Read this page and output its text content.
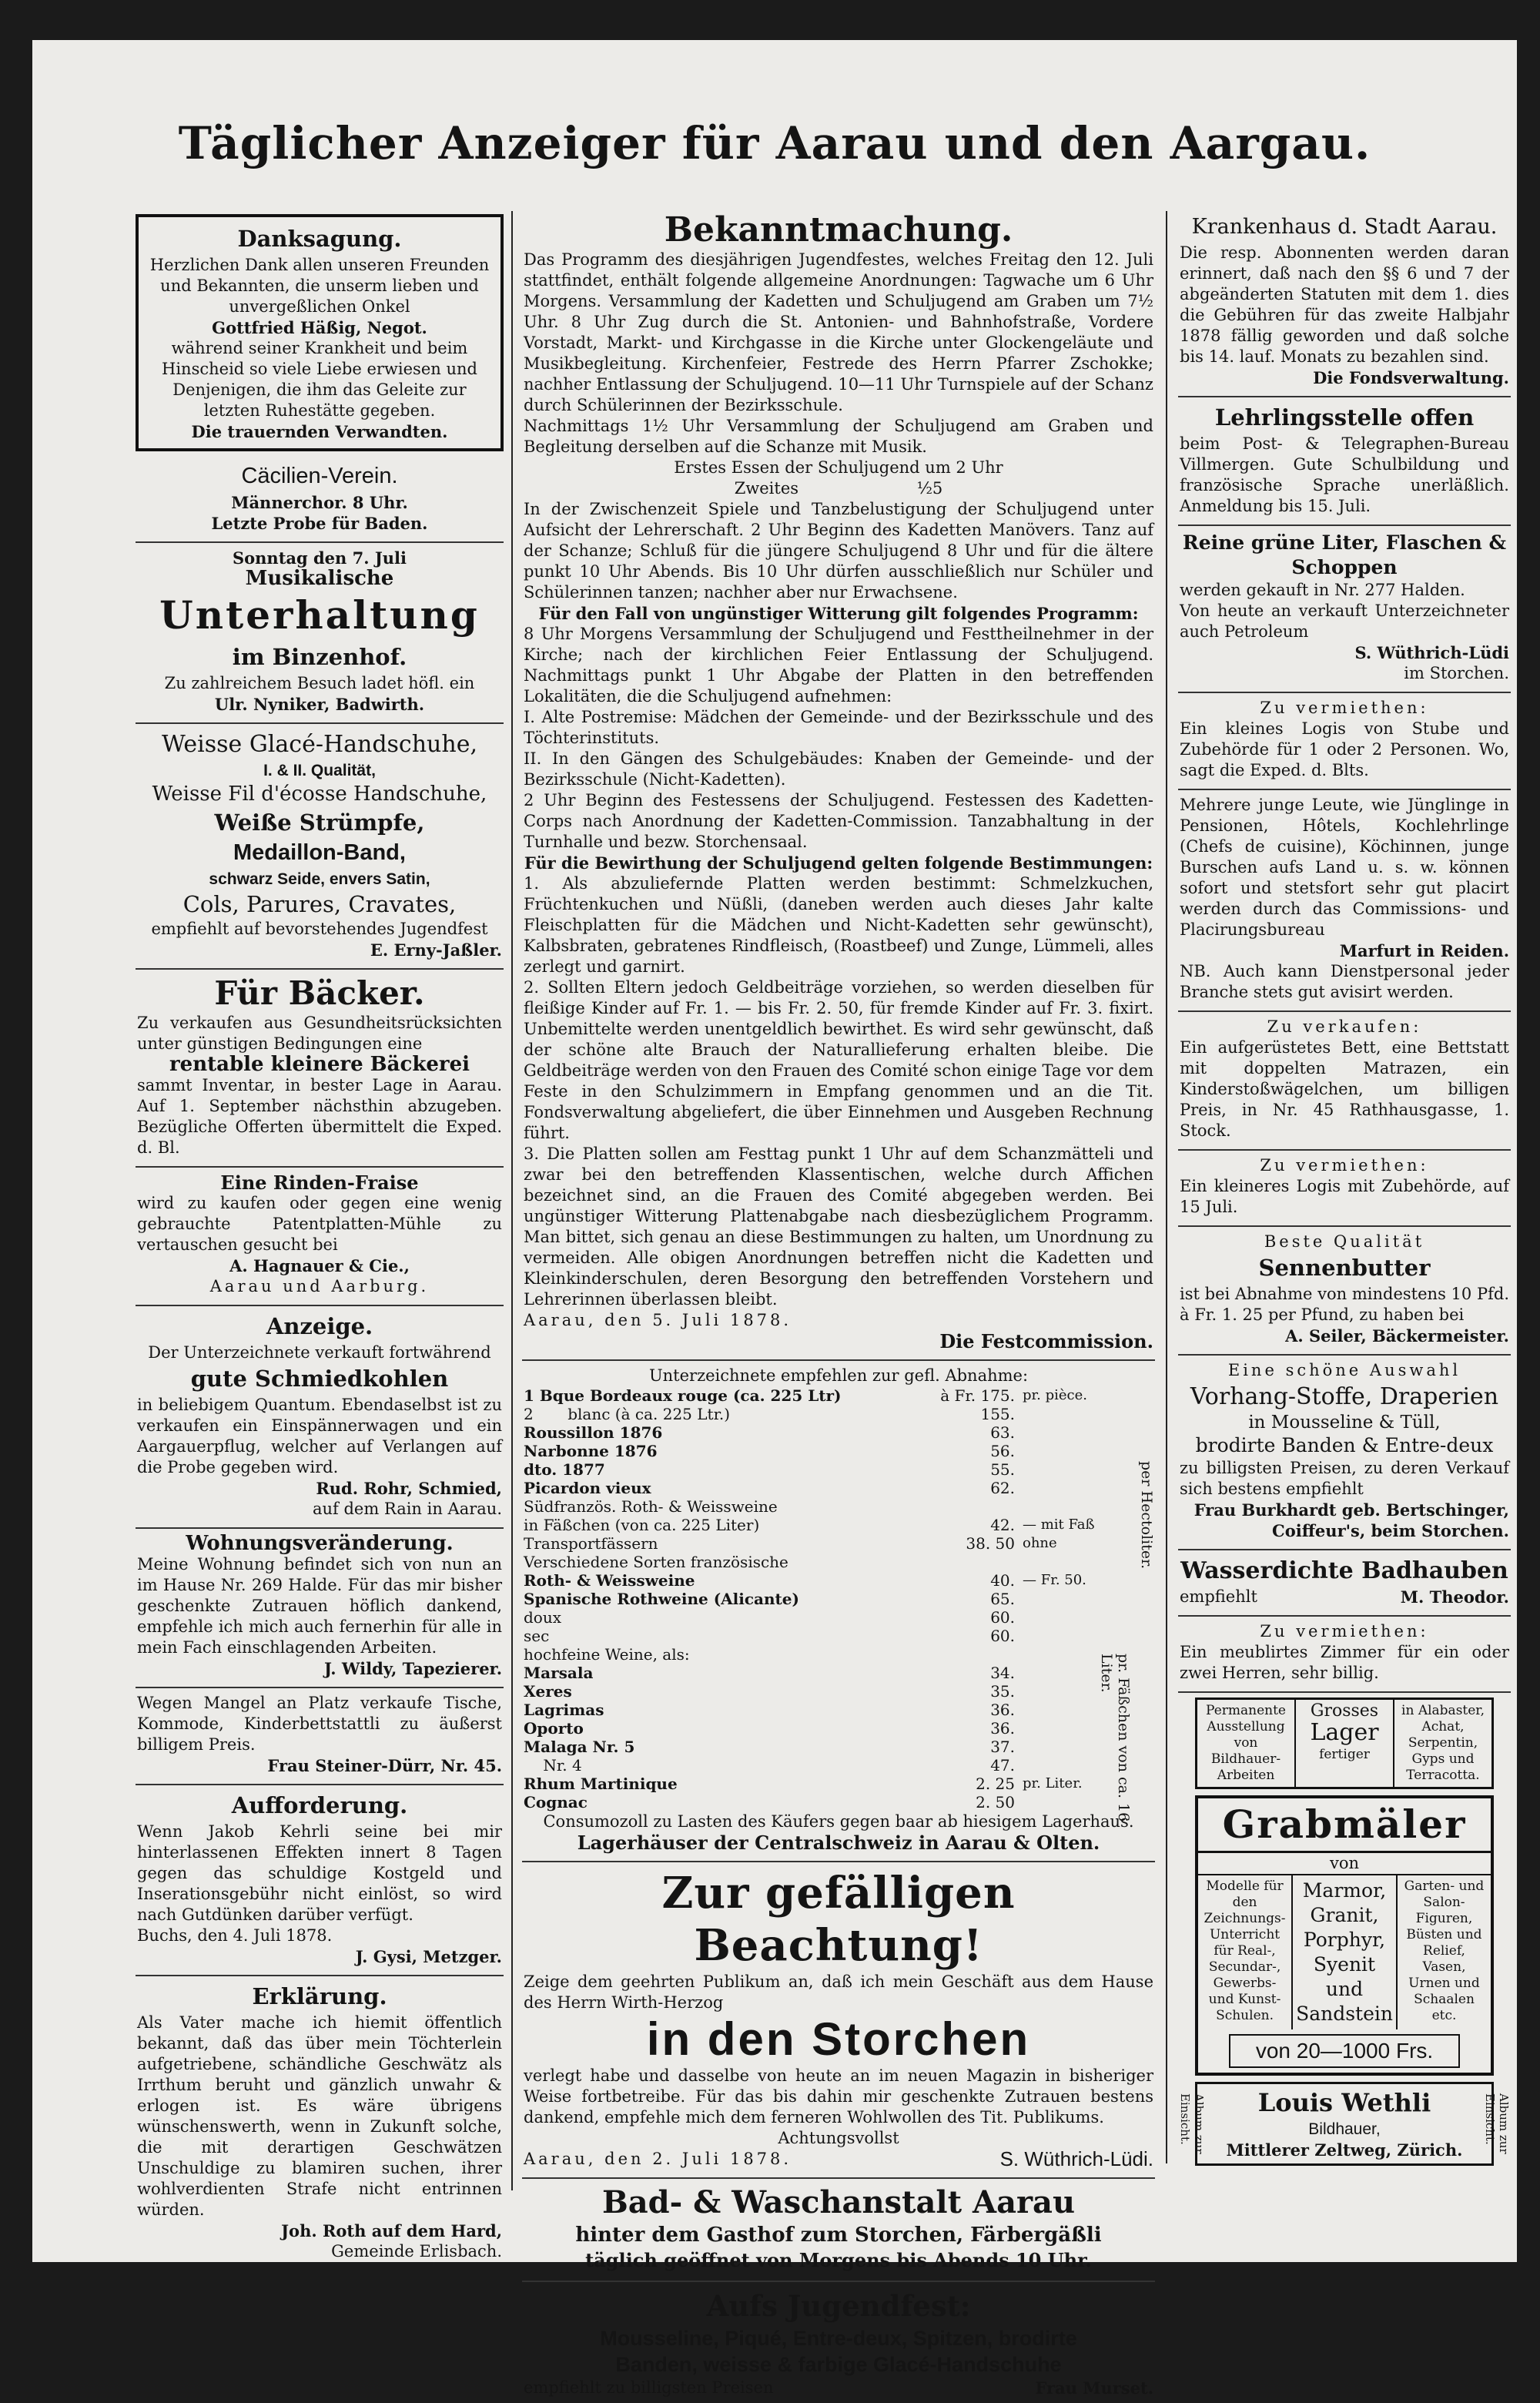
Täglicher Anzeiger für Aarau und den Aargau.

Danksagung.

Herzlichen Dank allen unseren Freunden und Bekannten, die unserm lieben und unvergeßlichen Onkel

Gottfried Häßig, Negot.

während seiner Krankheit und beim Hinscheid so viele Liebe erwiesen und Denjenigen, die ihm das Geleite zur letzten Ruhestätte gegeben.

Die trauernden Verwandten.

Cäcilien-Verein.

Männerchor. 8 Uhr.

Letzte Probe für Baden.

Sonntag den 7. Juli

Musikalische

Unterhaltung

im Binzenhof.

Zu zahlreichem Besuch ladet höfl. ein

Ulr. Nyniker, Badwirth.

Weisse Glacé-Handschuhe,

I. & II. Qualität,

Weisse Fil d'écosse Handschuhe,

Weiße Strümpfe,

Medaillon-Band,

schwarz Seide, envers Satin,

Cols, Parures, Cravates,

empfiehlt auf bevorstehendes Jugendfest

E. Erny-Jaßler.

Für Bäcker.

Zu verkaufen aus Gesundheitsrücksichten unter günstigen Bedingungen eine

rentable kleinere Bäckerei

sammt Inventar, in bester Lage in Aarau. Auf 1. September nächsthin abzugeben. Bezügliche Offerten übermittelt die Exped. d. Bl.

Eine Rinden-Fraise

wird zu kaufen oder gegen eine wenig gebrauchte Patentplatten-Mühle zu vertauschen gesucht bei

A. Hagnauer & Cie.,

Aarau und Aarburg.

Anzeige.

Der Unterzeichnete verkauft fortwährend

gute Schmiedkohlen

in beliebigem Quantum. Ebendaselbst ist zu verkaufen ein Einspännerwagen und ein Aargauerpflug, welcher auf Verlangen auf die Probe gegeben wird.

Rud. Rohr, Schmied,

auf dem Rain in Aarau.

Wohnungsveränderung.

Meine Wohnung befindet sich von nun an im Hause Nr. 269 Halde. Für das mir bisher geschenkte Zutrauen höflich dankend, empfehle ich mich auch fernerhin für alle in mein Fach einschlagenden Arbeiten.

J. Wildy, Tapezierer.

Wegen Mangel an Platz verkaufe Tische, Kommode, Kinderbettstattli zu äußerst billigem Preis.

Frau Steiner-Dürr, Nr. 45.

Aufforderung.

Wenn Jakob Kehrli seine bei mir hinterlassenen Effekten innert 8 Tagen gegen das schuldige Kostgeld und Inserationsgebühr nicht einlöst, so wird nach Gutdünken darüber verfügt.

Buchs, den 4. Juli 1878.

J. Gysi, Metzger.

Erklärung.

Als Vater mache ich hiemit öffentlich bekannt, daß das über mein Töchterlein aufgetriebene, schändliche Geschwätz als Irrthum beruht und gänzlich unwahr & erlogen ist. Es wäre übrigens wünschenswerth, wenn in Zukunft solche, die mit derartigen Geschwätzen Unschuldige zu blamiren suchen, ihrer wohlverdienten Strafe nicht entrinnen würden.

Joh. Roth auf dem Hard,

Gemeinde Erlisbach.

Bekanntmachung.

Das Programm des diesjährigen Jugendfestes, welches Freitag den 12. Juli stattfindet, enthält folgende allgemeine Anordnungen: Tagwache um 6 Uhr Morgens. Versammlung der Kadetten und Schuljugend am Graben um 7½ Uhr. 8 Uhr Zug durch die St. Antonien- und Bahnhofstraße, Vordere Vorstadt, Markt- und Kirchgasse in die Kirche unter Glockengeläute und Musikbegleitung. Kirchenfeier, Festrede des Herrn Pfarrer Zschokke; nachher Entlassung der Schuljugend. 10—11 Uhr Turnspiele auf der Schanz durch Schülerinnen der Bezirksschule.

Nachmittags 1½ Uhr Versammlung der Schuljugend am Graben und Begleitung derselben auf die Schanze mit Musik.

Erstes Essen der Schuljugend um 2 Uhr

Zweites                       ½5

In der Zwischenzeit Spiele und Tanzbelustigung der Schuljugend unter Aufsicht der Lehrerschaft. 2 Uhr Beginn des Kadetten Manövers. Tanz auf der Schanze; Schluß für die jüngere Schuljugend 8 Uhr und für die ältere punkt 10 Uhr Abends. Bis 10 Uhr dürfen ausschließlich nur Schüler und Schülerinnen tanzen; nachher aber nur Erwachsene.

Für den Fall von ungünstiger Witterung gilt folgendes Programm:

8 Uhr Morgens Versammlung der Schuljugend und Festtheilnehmer in der Kirche; nach der kirchlichen Feier Entlassung der Schuljugend. Nachmittags punkt 1 Uhr Abgabe der Platten in den betreffenden Lokalitäten, die die Schuljugend aufnehmen:

I. Alte Postremise: Mädchen der Gemeinde- und der Bezirksschule und des Töchterinstituts.

II. In den Gängen des Schulgebäudes: Knaben der Gemeinde- und der Bezirksschule (Nicht-Kadetten).

2 Uhr Beginn des Festessens der Schuljugend. Festessen des Kadetten-Corps nach Anordnung der Kadetten-Commission. Tanzabhaltung in der Turnhalle und bezw. Storchensaal.

Für die Bewirthung der Schuljugend gelten folgende Bestimmungen:

1. Als abzuliefernde Platten werden bestimmt: Schmelzkuchen, Früchtenkuchen und Nüßli, (daneben werden auch dieses Jahr kalte Fleischplatten für die Mädchen und Nicht-Kadetten sehr gewünscht), Kalbsbraten, gebratenes Rindfleisch, (Roastbeef) und Zunge, Lümmeli, alles zerlegt und garnirt.

2. Sollten Eltern jedoch Geldbeiträge vorziehen, so werden dieselben für fleißige Kinder auf Fr. 1. — bis Fr. 2. 50, für fremde Kinder auf Fr. 3. fixirt. Unbemittelte werden unentgeldlich bewirthet. Es wird sehr gewünscht, daß der schöne alte Brauch der Naturallieferung erhalten bleibe. Die Geldbeiträge werden von den Frauen des Comité schon einige Tage vor dem Feste in den Schulzimmern in Empfang genommen und an die Tit. Fondsverwaltung abgeliefert, die über Einnehmen und Ausgeben Rechnung führt.

3. Die Platten sollen am Festtag punkt 1 Uhr auf dem Schanzmätteli und zwar bei den betreffenden Klassentischen, welche durch Affichen bezeichnet sind, an die Frauen des Comité abgegeben werden. Bei ungünstiger Witterung Plattenabgabe nach diesbezüglichem Programm. Man bittet, sich genau an diese Bestimmungen zu halten, um Unordnung zu vermeiden. Alle obigen Anordnungen betreffen nicht die Kadetten und Kleinkinderschulen, deren Besorgung den betreffenden Vorstehern und Lehrerinnen überlassen bleibt.

Aarau, den 5. Juli 1878.

Die Festcommission.

Unterzeichnete empfehlen zur gefl. Abnahme:

1 Bque Bordeaux rouge (ca. 225 Ltr)	à Fr. 175. pr. pièce.
2       blanc (à ca. 225 Ltr.)	155.
Roussillon 1876	63.
Narbonne 1876	56.
dto. 1877	55.
Picardon vieux	62.
Südfranzös. Roth- & Weissweine
in Fäßchen (von ca. 225 Liter)	42. — mit Faß
Transportfässern	38. 50 ohne
Verschiedene Sorten französische
Roth- & Weissweine	40. — Fr. 50.
Spanische Rothweine (Alicante)	65.
doux	60.
sec	60.
hochfeine Weine, als:
Marsala	34.
Xeres	35.
Lagrimas	36.
Oporto	36.
Malaga Nr. 5	37.
Nr. 4	47.
Rhum Martinique	2. 25 pr. Liter.
Cognac	2. 50
per Hectoliter.
pr. Fäßchen von ca. 16 Liter.

Consumozoll zu Lasten des Käufers gegen baar ab hiesigem Lagerhaus.

Lagerhäuser der Centralschweiz in Aarau & Olten.

Zur gefälligen Beachtung!

Zeige dem geehrten Publikum an, daß ich mein Geschäft aus dem Hause des Herrn Wirth-Herzog

in den Storchen

verlegt habe und dasselbe von heute an im neuen Magazin in bisheriger Weise fortbetreibe. Für das bis dahin mir geschenkte Zutrauen bestens dankend, empfehle mich dem ferneren Wohlwollen des Tit. Publikums.

Achtungsvollst

Aarau, den 2. Juli 1878.	S. Wüthrich-Lüdi.

Bad- & Waschanstalt Aarau

hinter dem Gasthof zum Storchen, Färbergäßli

täglich geöffnet von Morgens bis Abends 10 Uhr.

Aufs Jugendfest:

Mousseline, Piqué, Entre-deux, Spitzen, brodirte

Banden, weisse & farbige Glacé-Handschuhe

empfiehlt zu billigsten Preisen	Frau Murset.

Krankenhaus d. Stadt Aarau.

Die resp. Abonnenten werden daran erinnert, daß nach den §§ 6 und 7 der abgeänderten Statuten mit dem 1. dies die Gebühren für das zweite Halbjahr 1878 fällig geworden und daß solche bis 14. lauf. Monats zu bezahlen sind.

Die Fondsverwaltung.

Lehrlingsstelle offen

beim Post- & Telegraphen-Bureau Villmergen. Gute Schulbildung und französische Sprache unerläßlich. Anmeldung bis 15. Juli.

Reine grüne Liter, Flaschen & Schoppen

werden gekauft in Nr. 277 Halden.

Von heute an verkauft Unterzeichneter auch Petroleum

S. Wüthrich-Lüdi

im Storchen.

Zu vermiethen:

Ein kleines Logis von Stube und Zubehörde für 1 oder 2 Personen. Wo, sagt die Exped. d. Blts.

Mehrere junge Leute, wie Jünglinge in Pensionen, Hôtels, Kochlehrlinge (Chefs de cuisine), Köchinnen, junge Burschen aufs Land u. s. w. können sofort und stetsfort sehr gut placirt werden durch das Commissions- und Placirungsbureau

Marfurt in Reiden.

NB. Auch kann Dienstpersonal jeder Branche stets gut avisirt werden.

Zu verkaufen:

Ein aufgerüstetes Bett, eine Bettstatt mit doppelten Matrazen, ein Kinderstoßwägelchen, um billigen Preis, in Nr. 45 Rathhausgasse, 1. Stock.

Zu vermiethen:

Ein kleineres Logis mit Zubehörde, auf 15 Juli.

Beste Qualität

Sennenbutter

ist bei Abnahme von mindestens 10 Pfd. à Fr. 1. 25 per Pfund, zu haben bei

A. Seiler, Bäckermeister.

Eine schöne Auswahl

Vorhang-Stoffe, Draperien

in Mousseline & Tüll,

brodirte Banden & Entre-deux

zu billigsten Preisen, zu deren Verkauf sich bestens empfiehlt

Frau Burkhardt geb. Bertschinger, Coiffeur's, beim Storchen.

Wasserdichte Badhauben

empfiehlt	M. Theodor.

Zu vermiethen:

Ein meublirtes Zimmer für ein oder zwei Herren, sehr billig.

Album zur Einsicht.	Album zur Einsicht.
Permanente Ausstellung von Bildhauer-Arbeiten
Grosses
Lager
fertiger
in Alabaster, Achat, Serpentin, Gyps und Terracotta.

Grabmäler

von

Modelle für den Zeichnungs-Unterricht für Real-, Secundar-, Gewerbs- und Kunst-Schulen.
Marmor, Granit, Porphyr, Syenit und Sandstein
Garten- und Salon-Figuren, Büsten und Relief, Vasen, Urnen und Schaalen etc.

von 20—1000 Frs.

Louis Wethli

Bildhauer,

Mittlerer Zeltweg, Zürich.
